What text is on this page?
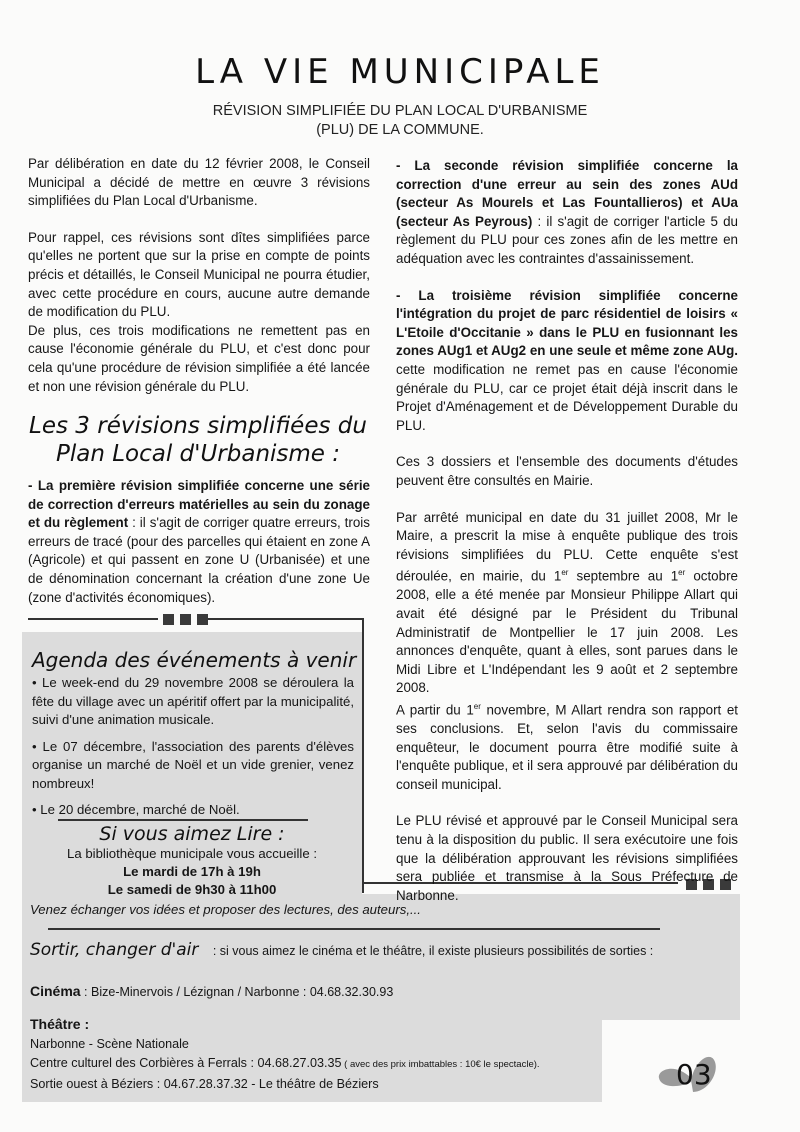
LA VIE MUNICIPALE
RÉVISION SIMPLIFIÉE DU PLAN LOCAL D'URBANISME
(PLU) DE LA COMMUNE.

Par délibération en date du 12 février 2008, le Conseil Municipal a décidé de mettre en œuvre 3 révisions simplifiées du Plan Local d'Urbanisme.

Pour rappel, ces révisions sont dîtes simplifiées parce qu'elles ne portent que sur la prise en compte de points précis et détaillés, le Conseil Municipal ne pourra étudier, avec cette procédure en cours, aucune autre demande de modification du PLU.

De plus, ces trois modifications ne remettent pas en cause l'économie générale du PLU, et c'est donc pour cela qu'une procédure de révision simplifiée a été lancée et non une révision générale du PLU.

Les 3 révisions simplifiées du
Plan Local d'Urbanisme :
- La première révision simplifiée concerne une série de correction d'erreurs matérielles au sein du zonage et du règlement : il s'agit de corriger quatre erreurs, trois erreurs de tracé (pour des parcelles qui étaient en zone A (Agricole) et qui passent en zone U (Urbanisée) et une de dénomination concernant la création d'une zone Ue (zone d'activités économiques).
Agenda des événements à venir

• Le week-end du 29 novembre 2008 se déroulera la fête du village avec un apéritif offert par la municipalité, suivi d'une animation musicale.

• Le 07 décembre, l'association des parents d'élèves organise un marché de Noël et un vide grenier, venez nombreux!

• Le 20 décembre, marché de Noël.

Si vous aimez Lire :
La bibliothèque municipale vous accueille :
Le mardi de 17h à 19h
Le samedi de 9h30 à 11h00
Venez échanger vos idées et proposer des lectures, des auteurs,...
Sortir, changer d'air : si vous aimez le cinéma et le théâtre, il existe plusieurs possibilités de sorties :
Cinéma : Bize-Minervois / Lézignan / Narbonne : 04.68.32.30.93
Théâtre :
Narbonne - Scène Nationale
Centre culturel des Corbières à Ferrals : 04.68.27.03.35 ( avec des prix imbattables : 10€ le spectacle).
Sortie ouest à Béziers : 04.67.28.37.32 - Le théâtre de Béziers

- La seconde révision simplifiée concerne la correction d'une erreur au sein des zones AUd (secteur As Mourels et Las Fountallieros) et AUa (secteur As Peyrous) : il s'agit de corriger l'article 5 du règlement du PLU pour ces zones afin de les mettre en adéquation avec les contraintes d'assainissement.

- La troisième révision simplifiée concerne l'intégration du projet de parc résidentiel de loisirs « L'Etoile d'Occitanie » dans le PLU en fusionnant les zones AUg1 et AUg2 en une seule et même zone AUg. cette modification ne remet pas en cause l'économie générale du PLU, car ce projet était déjà inscrit dans le Projet d'Aménagement et de Développement Durable du PLU.

Ces 3 dossiers et l'ensemble des documents d'études peuvent être consultés en Mairie.

Par arrêté municipal en date du 31 juillet 2008, Mr le Maire, a prescrit la mise à enquête publique des trois révisions simplifiées du PLU. Cette enquête s'est déroulée, en mairie, du 1er septembre au 1er octobre 2008, elle a été menée par Monsieur Philippe Allart qui avait été désigné par le Président du Tribunal Administratif de Montpellier le 17 juin 2008. Les annonces d'enquête, quant à elles, sont parues dans le Midi Libre et L'Indépendant les 9 août et 2 septembre 2008.

A partir du 1er novembre, M Allart rendra son rapport et ses conclusions. Et, selon l'avis du commissaire enquêteur, le document pourra être modifié suite à l'enquête publique, et il sera approuvé par délibération du conseil municipal.

Le PLU révisé et approuvé par le Conseil Municipal sera tenu à la disposition du public. Il sera exécutoire une fois que la délibération approuvant les révisions simplifiées sera publiée et transmise à la Sous Préfecture de Narbonne.

03
